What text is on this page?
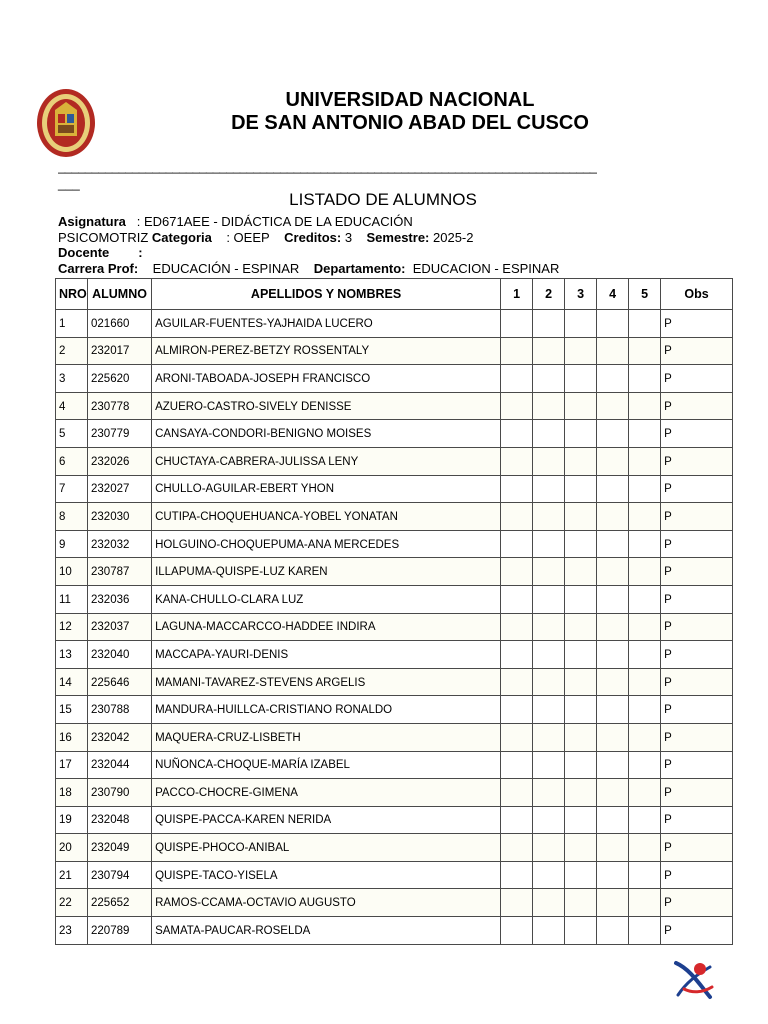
UNIVERSIDAD NACIONAL
DE SAN ANTONIO ABAD DEL CUSCO
________________________________________________________________________________
___
LISTADO DE ALUMNOS
Asignatura : ED671AEE - DIDÁCTICA DE LA EDUCACIÓN
PSICOMOTRIZ Categoria : OEEP Creditos: 3 Semestre: 2025-2
Docente :
Carrera Prof: EDUCACIÓN - ESPINAR Departamento: EDUCACION - ESPINAR
NRO	ALUMNO	APELLIDOS Y NOMBRES	1	2	3	4	5	Obs
1	021660	AGUILAR-FUENTES-YAJHAIDA LUCERO						P
2	232017	ALMIRON-PEREZ-BETZY ROSSENTALY						P
3	225620	ARONI-TABOADA-JOSEPH FRANCISCO						P
4	230778	AZUERO-CASTRO-SIVELY DENISSE						P
5	230779	CANSAYA-CONDORI-BENIGNO MOISES						P
6	232026	CHUCTAYA-CABRERA-JULISSA LENY						P
7	232027	CHULLO-AGUILAR-EBERT YHON						P
8	232030	CUTIPA-CHOQUEHUANCA-YOBEL YONATAN						P
9	232032	HOLGUINO-CHOQUEPUMA-ANA MERCEDES						P
10	230787	ILLAPUMA-QUISPE-LUZ KAREN						P
11	232036	KANA-CHULLO-CLARA LUZ						P
12	232037	LAGUNA-MACCARCCO-HADDEE INDIRA						P
13	232040	MACCAPA-YAURI-DENIS						P
14	225646	MAMANI-TAVAREZ-STEVENS ARGELIS						P
15	230788	MANDURA-HUILLCA-CRISTIANO RONALDO						P
16	232042	MAQUERA-CRUZ-LISBETH						P
17	232044	NUÑONCA-CHOQUE-MARÍA IZABEL						P
18	230790	PACCO-CHOCRE-GIMENA						P
19	232048	QUISPE-PACCA-KAREN NERIDA						P
20	232049	QUISPE-PHOCO-ANIBAL						P
21	230794	QUISPE-TACO-YISELA						P
22	225652	RAMOS-CCAMA-OCTAVIO AUGUSTO						P
23	220789	SAMATA-PAUCAR-ROSELDA						P
